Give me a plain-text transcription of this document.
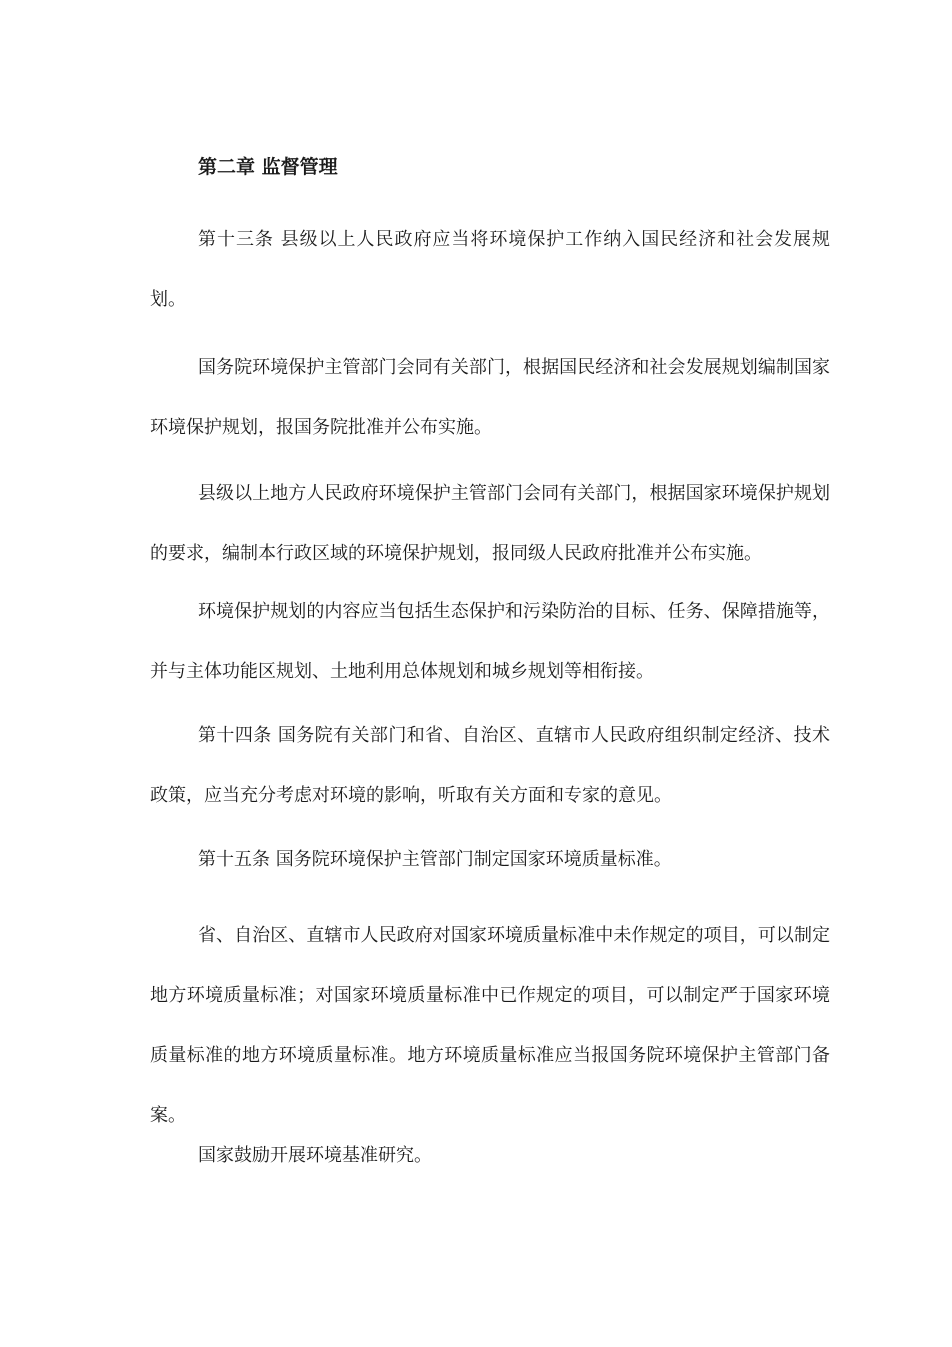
第二章 监督管理

第十三条 县级以上人民政府应当将环境保护工作纳入国民经济和社会发展规划。

国务院环境保护主管部门会同有关部门，根据国民经济和社会发展规划编制国家环境保护规划，报国务院批准并公布实施。

县级以上地方人民政府环境保护主管部门会同有关部门，根据国家环境保护规划的要求，编制本行政区域的环境保护规划，报同级人民政府批准并公布实施。

环境保护规划的内容应当包括生态保护和污染防治的目标、任务、保障措施等，并与主体功能区规划、土地利用总体规划和城乡规划等相衔接。

第十四条 国务院有关部门和省、自治区、直辖市人民政府组织制定经济、技术政策，应当充分考虑对环境的影响，听取有关方面和专家的意见。

第十五条 国务院环境保护主管部门制定国家环境质量标准。

省、自治区、直辖市人民政府对国家环境质量标准中未作规定的项目，可以制定地方环境质量标准；对国家环境质量标准中已作规定的项目，可以制定严于国家环境质量标准的地方环境质量标准。地方环境质量标准应当报国务院环境保护主管部门备案。

国家鼓励开展环境基准研究。
